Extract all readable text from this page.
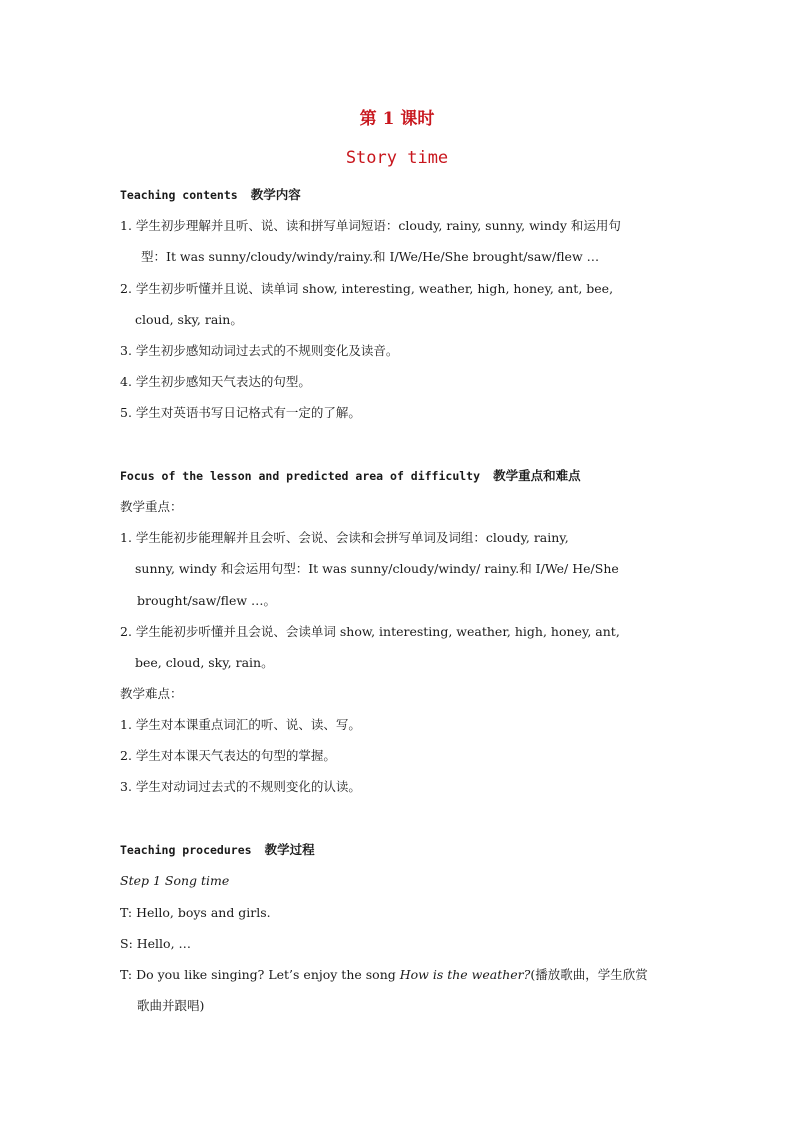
第 1 课时
Story time
Teaching contents 教学内容
1. 学生初步理解并且听、说、读和拼写单词短语：cloudy, rainy, sunny, windy 和运用句
型：It was sunny/cloudy/windy/rainy.和 I/We/He/She brought/saw/flew …
2. 学生初步听懂并且说、读单词 show, interesting, weather, high, honey, ant, bee,
cloud, sky, rain。
3. 学生初步感知动词过去式的不规则变化及读音。
4. 学生初步感知天气表达的句型。
5. 学生对英语书写日记格式有一定的了解。
Focus of the lesson and predicted area of difficulty 教学重点和难点
教学重点：
1. 学生能初步能理解并且会听、会说、会读和会拼写单词及词组：cloudy, rainy,
sunny, windy 和会运用句型：It was sunny/cloudy/windy/ rainy.和 I/We/ He/She
brought/saw/flew …。
2. 学生能初步听懂并且会说、会读单词 show, interesting, weather, high, honey, ant,
bee, cloud, sky, rain。
教学难点：
1. 学生对本课重点词汇的听、说、读、写。
2. 学生对本课天气表达的句型的掌握。
3. 学生对动词过去式的不规则变化的认读。
Teaching procedures 教学过程
Step 1 Song time
T: Hello, boys and girls.
S: Hello, …
T: Do you like singing? Let’s enjoy the song How is the weather?(播放歌曲，学生欣赏
歌曲并跟唱)
